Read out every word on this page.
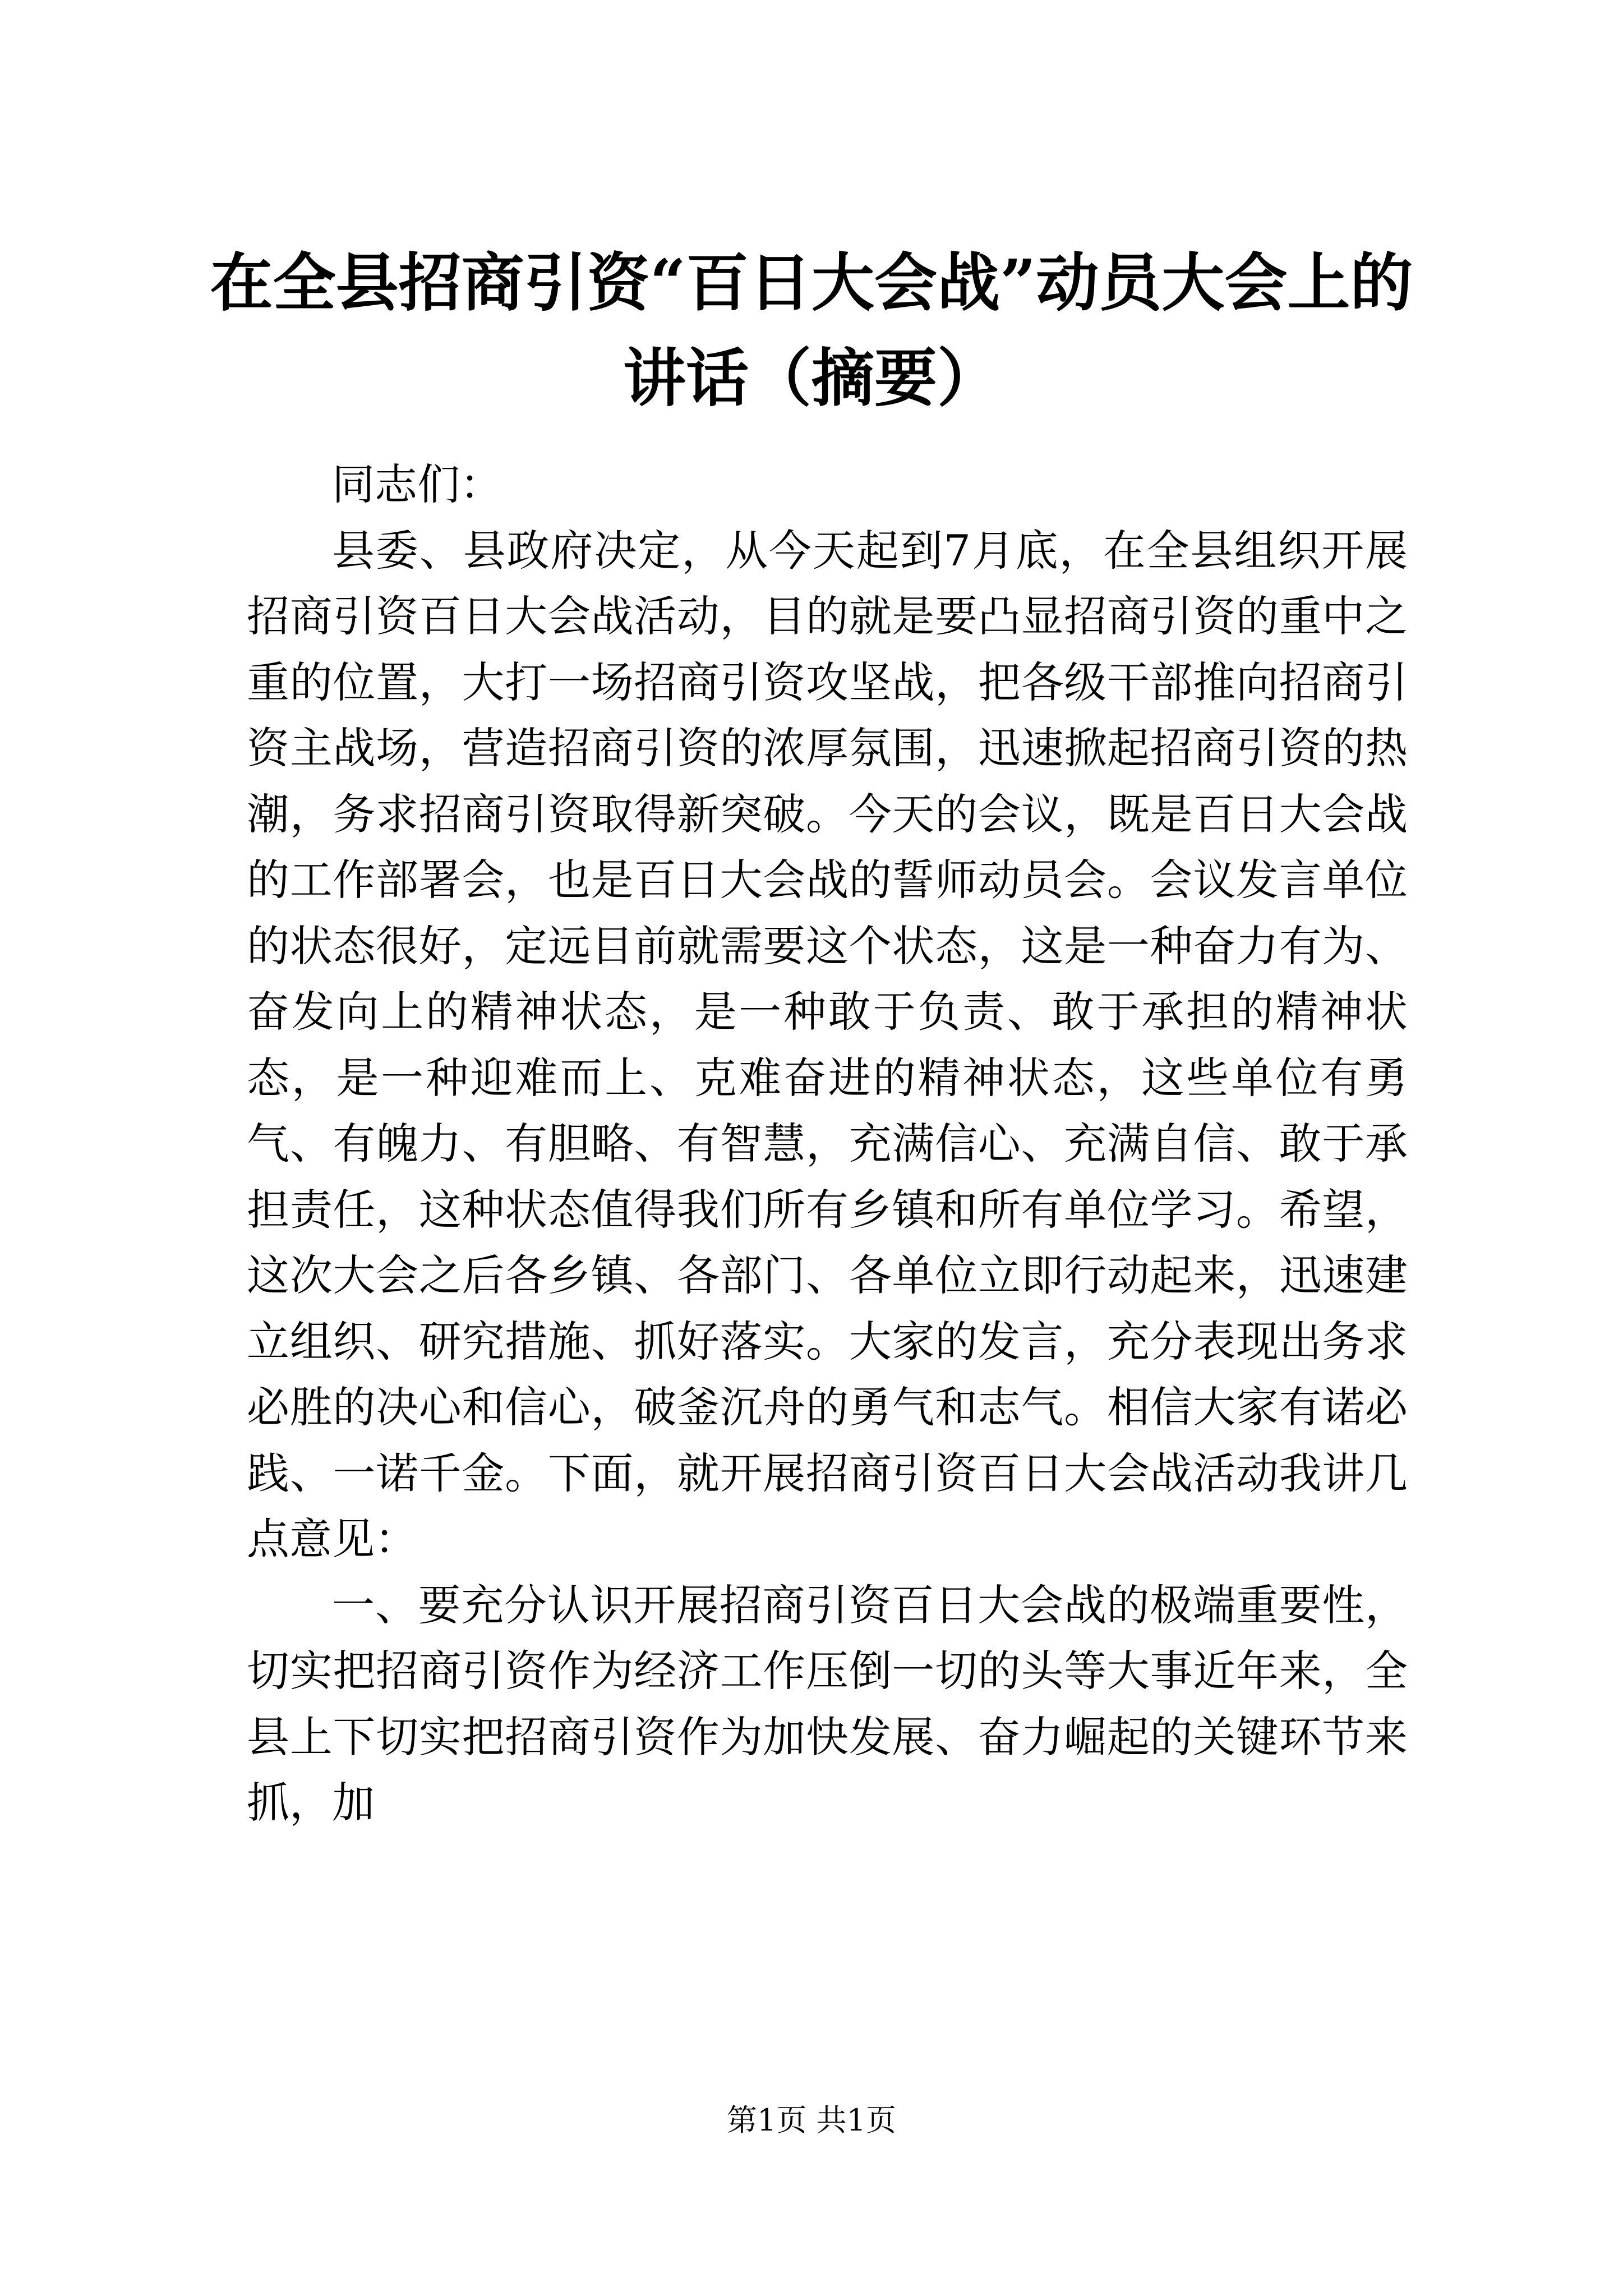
在全县招商引资“百日大会战”动员大会上的讲话（摘要）

同志们：

县委、县政府决定，从今天起到7月底，在全县组织开展招商引资百日大会战活动，目的就是要凸显招商引资的重中之重的位置，大打一场招商引资攻坚战，把各级干部推向招商引资主战场，营造招商引资的浓厚氛围，迅速掀起招商引资的热潮，务求招商引资取得新突破。今天的会议，既是百日大会战的工作部署会，也是百日大会战的誓师动员会。会议发言单位的状态很好，定远目前就需要这个状态，这是一种奋力有为、奋发向上的精神状态，是一种敢于负责、敢于承担的精神状态，是一种迎难而上、克难奋进的精神状态，这些单位有勇气、有魄力、有胆略、有智慧，充满信心、充满自信、敢于承担责任，这种状态值得我们所有乡镇和所有单位学习。希望，这次大会之后各乡镇、各部门、各单位立即行动起来，迅速建立组织、研究措施、抓好落实。大家的发言，充分表现出务求必胜的决心和信心，破釜沉舟的勇气和志气。相信大家有诺必践、一诺千金。下面，就开展招商引资百日大会战活动我讲几点意见：

一、要充分认识开展招商引资百日大会战的极端重要性，切实把招商引资作为经济工作压倒一切的头等大事近年来，全县上下切实把招商引资作为加快发展、奋力崛起的关键环节来抓，加

第1页 共1页
